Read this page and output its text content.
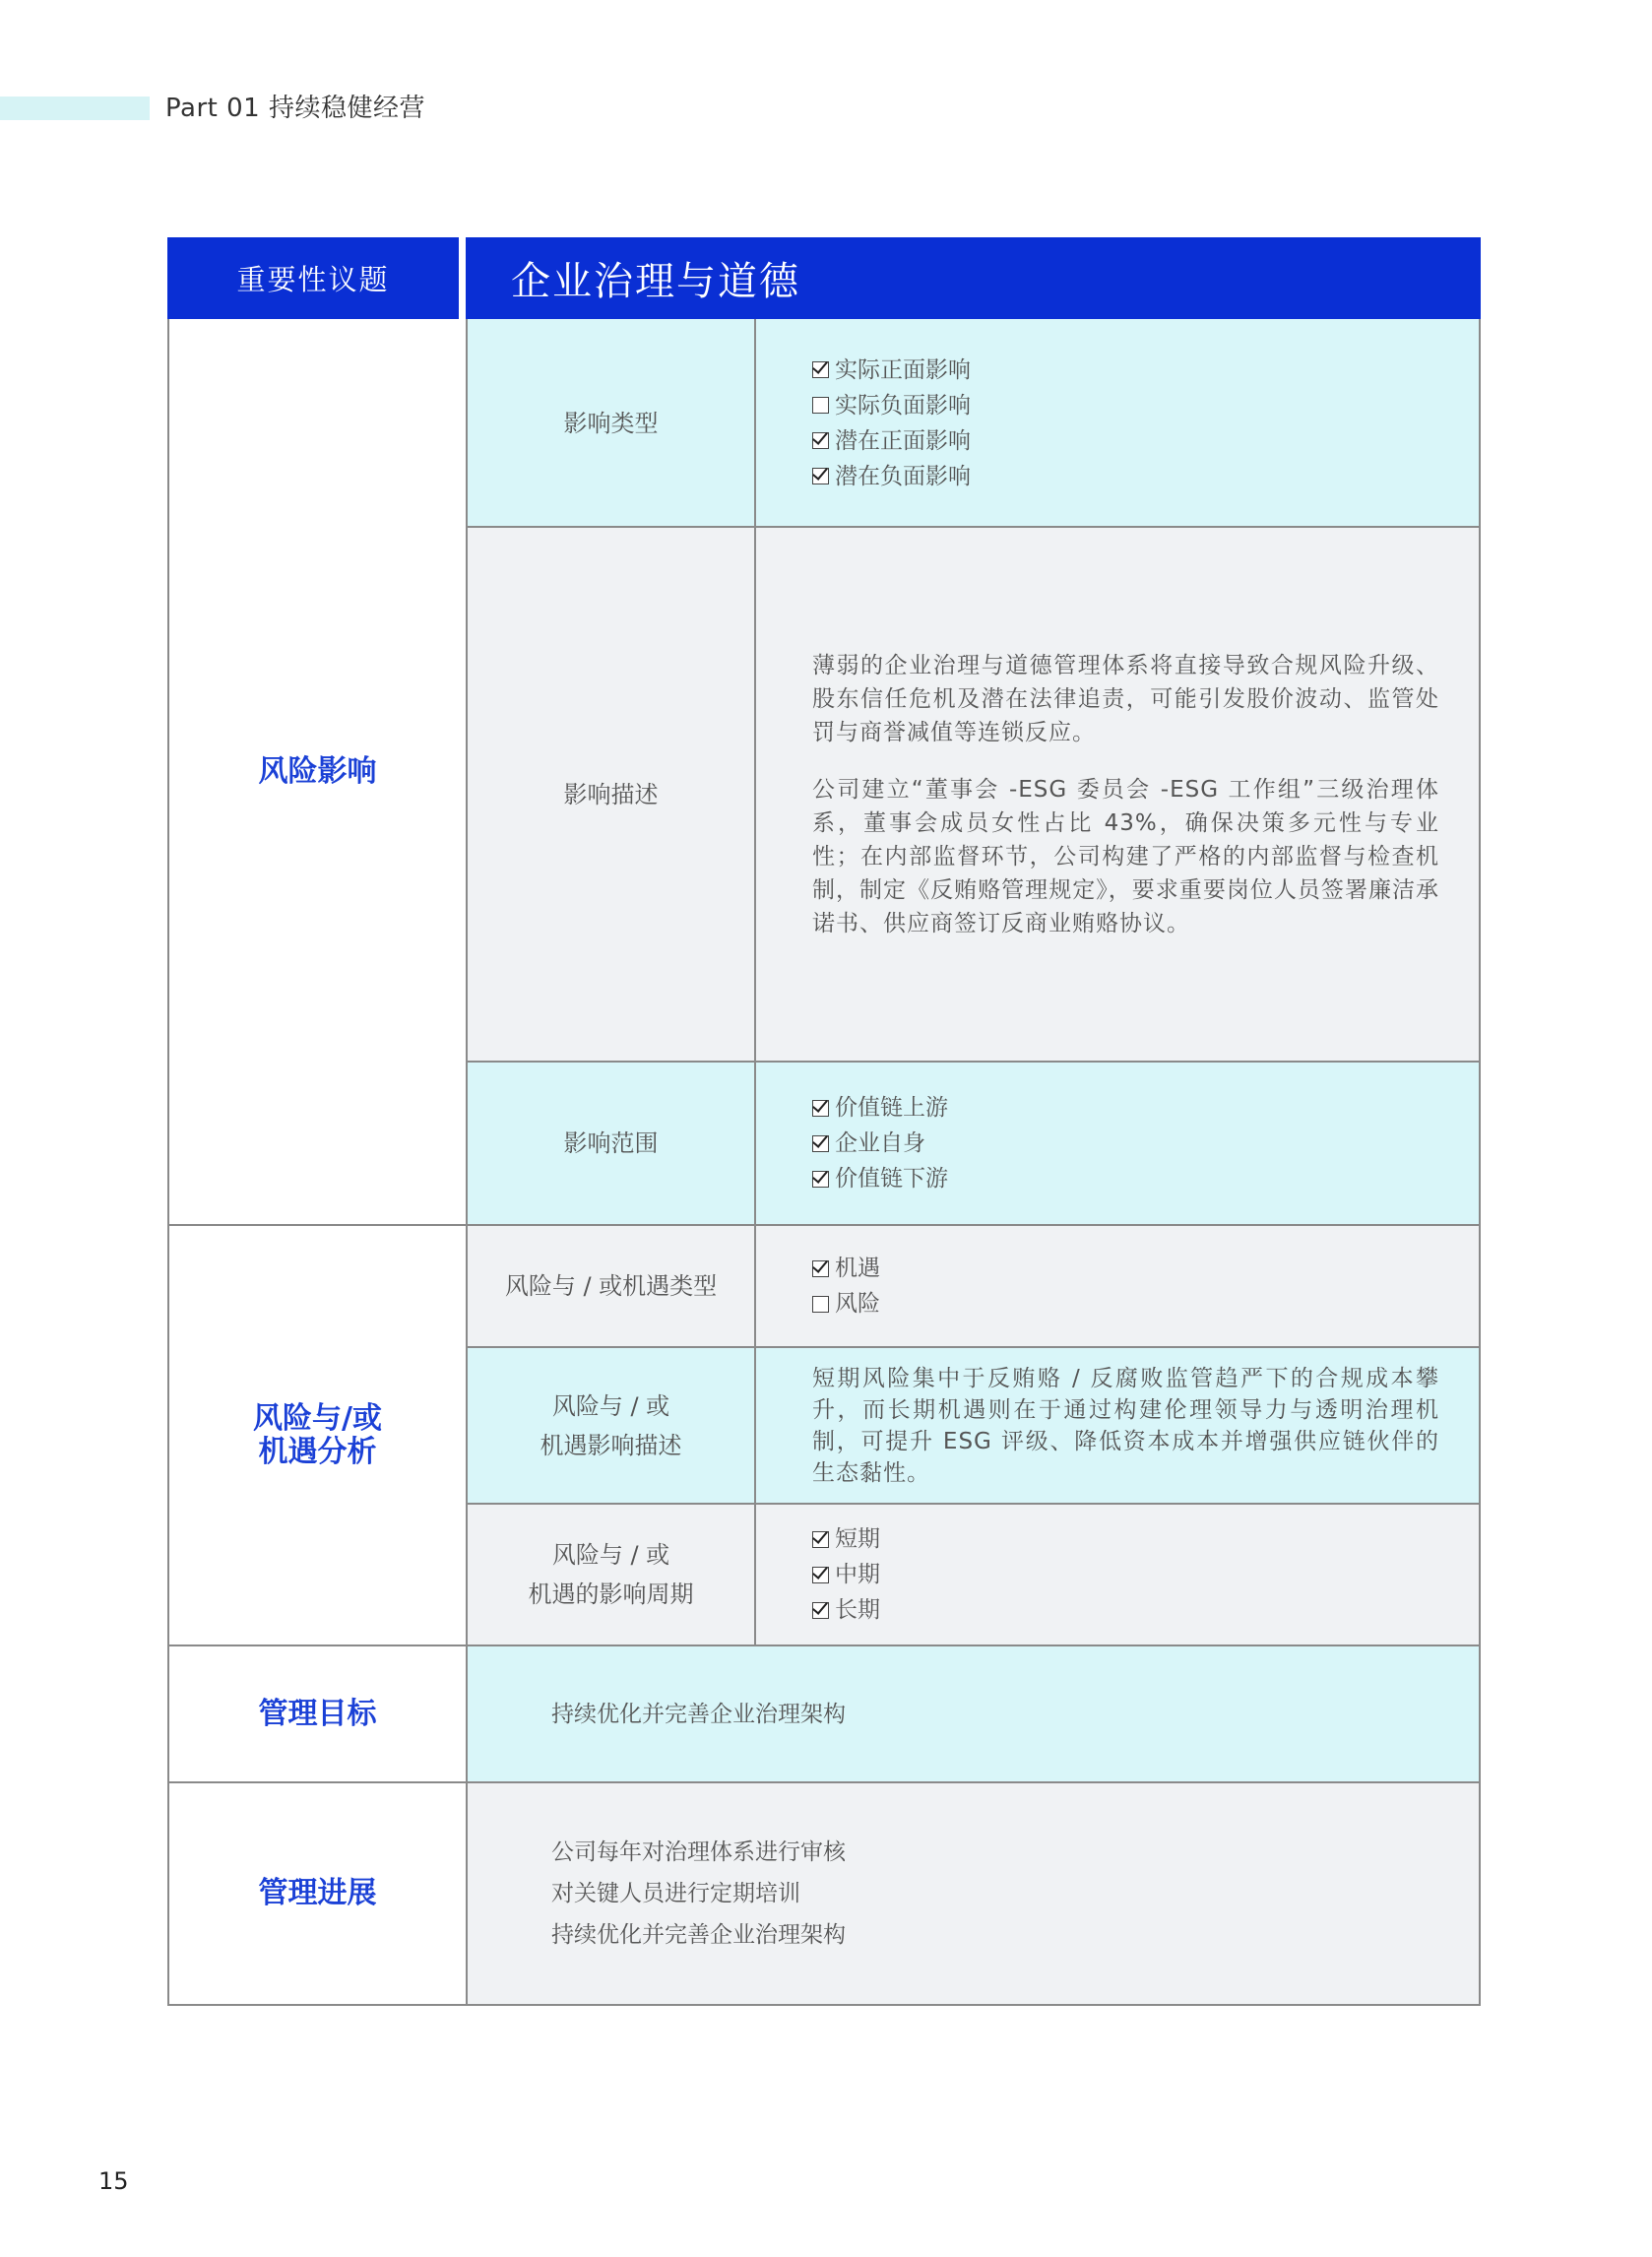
Part 01 持续稳健经营
重要性议题	企业治理与道德
风险影响
影响类型
实际正面影响
实际负面影响
潜在正面影响
潜在负面影响
影响描述
薄弱的企业治理与道德管理体系将直接导致合规风险升级、股东信任危机及潜在法律追责，可能引发股价波动、监管处罚与商誉减值等连锁反应。
公司建立“董事会 -ESG 委员会 -ESG 工作组”三级治理体系，董事会成员女性占比 43%，确保决策多元性与专业性；在内部监督环节，公司构建了严格的内部监督与检查机制，制定《反贿赂管理规定》，要求重要岗位人员签署廉洁承诺书、供应商签订反商业贿赂协议。
影响范围
价值链上游
企业自身
价值链下游
风险与/或
机遇分析
风险与 / 或机遇类型
机遇
风险
风险与 / 或
机遇影响描述
短期风险集中于反贿赂 / 反腐败监管趋严下的合规成本攀升，而长期机遇则在于通过构建伦理领导力与透明治理机制，可提升 ESG 评级、降低资本成本并增强供应链伙伴的生态黏性。
风险与 / 或
机遇的影响周期
短期
中期
长期
管理目标	持续优化并完善企业治理架构
管理进展
公司每年对治理体系进行审核
对关键人员进行定期培训
持续优化并完善企业治理架构
15
